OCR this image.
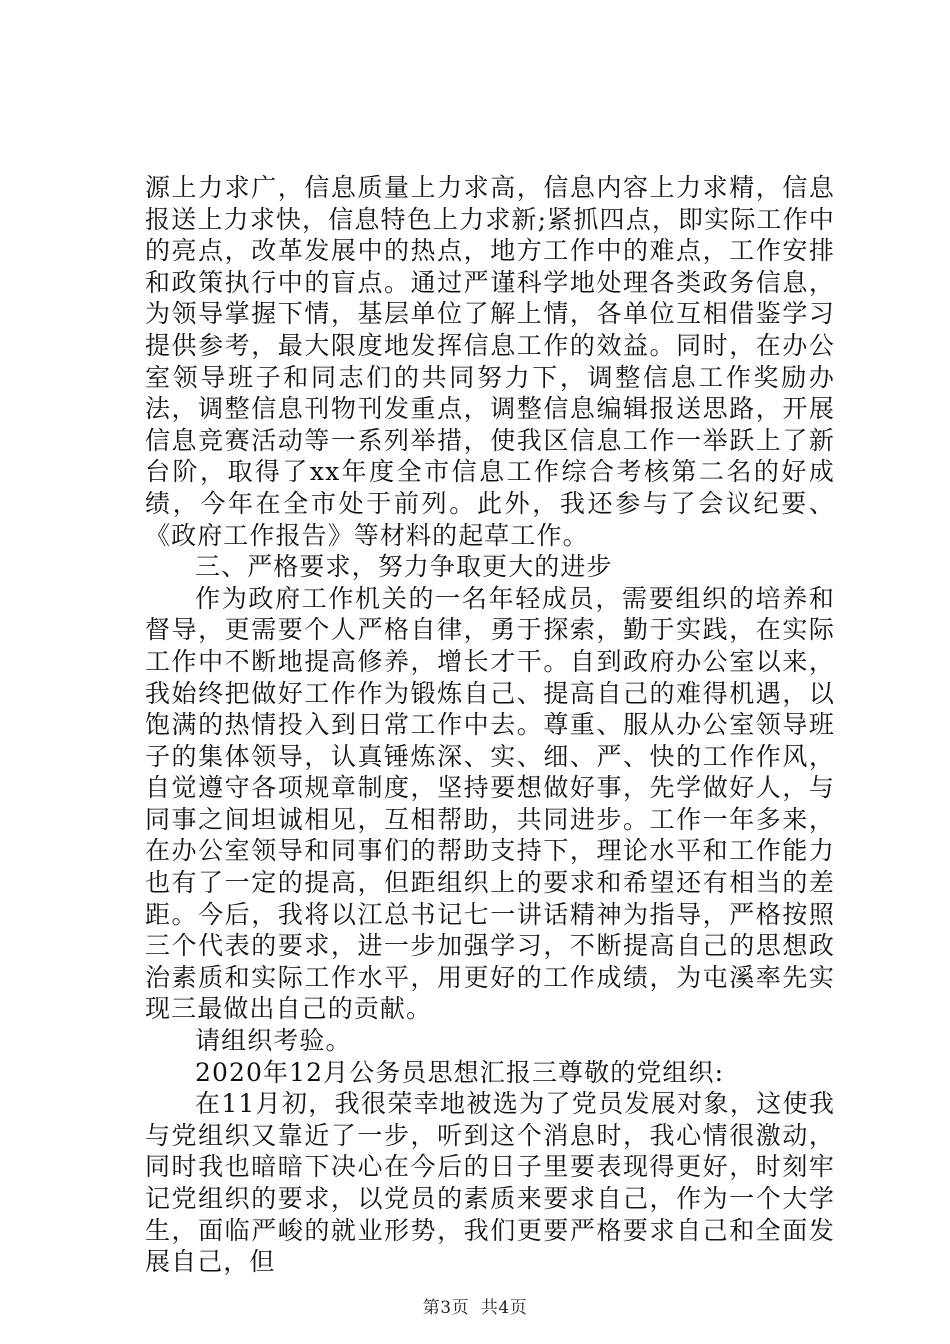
源上力求广，信息质量上力求高，信息内容上力求精，信息报送上力求快，信息特色上力求新;紧抓四点，即实际工作中的亮点，改革发展中的热点，地方工作中的难点，工作安排和政策执行中的盲点。通过严谨科学地处理各类政务信息，为领导掌握下情，基层单位了解上情，各单位互相借鉴学习提供参考，最大限度地发挥信息工作的效益。同时，在办公室领导班子和同志们的共同努力下，调整信息工作奖励办法，调整信息刊物刊发重点，调整信息编辑报送思路，开展信息竞赛活动等一系列举措，使我区信息工作一举跃上了新台阶，取得了xx年度全市信息工作综合考核第二名的好成绩，今年在全市处于前列。此外，我还参与了会议纪要、《政府工作报告》等材料的起草工作。

三、严格要求，努力争取更大的进步

作为政府工作机关的一名年轻成员，需要组织的培养和督导，更需要个人严格自律，勇于探索，勤于实践，在实际工作中不断地提高修养，增长才干。自到政府办公室以来，我始终把做好工作作为锻炼自己、提高自己的难得机遇，以饱满的热情投入到日常工作中去。尊重、服从办公室领导班子的集体领导，认真锤炼深、实、细、严、快的工作作风，自觉遵守各项规章制度，坚持要想做好事，先学做好人，与同事之间坦诚相见，互相帮助，共同进步。工作一年多来，在办公室领导和同事们的帮助支持下，理论水平和工作能力也有了一定的提高，但距组织上的要求和希望还有相当的差距。今后，我将以江总书记七一讲话精神为指导，严格按照三个代表的要求，进一步加强学习，不断提高自己的思想政治素质和实际工作水平，用更好的工作成绩，为屯溪率先实现三最做出自己的贡献。

请组织考验。

2020年12月公务员思想汇报三尊敬的党组织:

在11月初，我很荣幸地被选为了党员发展对象，这使我与党组织又靠近了一步，听到这个消息时，我心情很激动，同时我也暗暗下决心在今后的日子里要表现得更好，时刻牢记党组织的要求，以党员的素质来要求自己，作为一个大学生，面临严峻的就业形势，我们更要严格要求自己和全面发展自己，但

第3页 共4页
